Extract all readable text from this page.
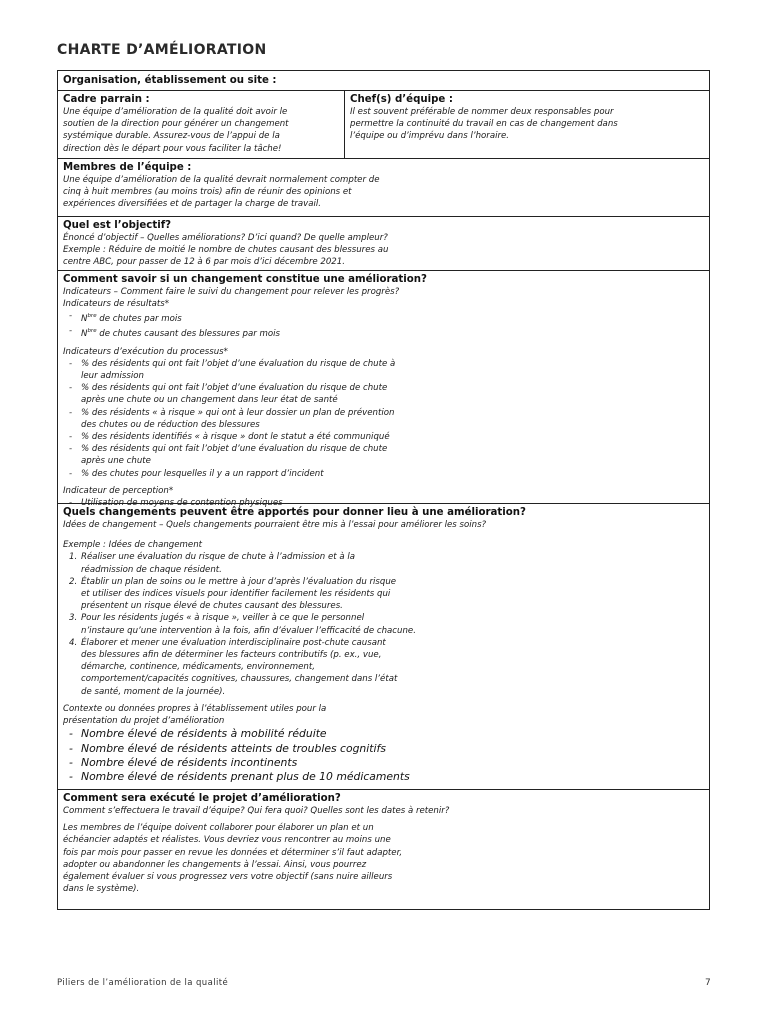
CHARTE D’AMÉLIORATION
Organisation, établissement ou site :
Cadre parrain :
Une équipe d’amélioration de la qualité doit avoir le
soutien de la direction pour générer un changement
systémique durable. Assurez-vous de l’appui de la
direction dès le départ pour vous faciliter la tâche!
Chef(s) d’équipe :
Il est souvent préférable de nommer deux responsables pour
permettre la continuité du travail en cas de changement dans
l’équipe ou d’imprévu dans l’horaire.
Membres de l’équipe :
Une équipe d’amélioration de la qualité devrait normalement compter de
cinq à huit membres (au moins trois) afin de réunir des opinions et
expériences diversifiées et de partager la charge de travail.
Quel est l’objectif?
Énoncé d’objectif – Quelles améliorations? D’ici quand? De quelle ampleur?
Exemple : Réduire de moitié le nombre de chutes causant des blessures au
centre ABC, pour passer de 12 à 6 par mois d’ici décembre 2021.
Comment savoir si un changement constitue une amélioration?
Indicateurs – Comment faire le suivi du changement pour relever les progrès?
Indicateurs de résultats*
- $N^{bre}$ de chutes par mois
- $N^{bre}$ de chutes causant des blessures par mois
Indicateurs d’exécution du processus*
- % des résidents qui ont fait l’objet d’une évaluation du risque de chute à
leur admission
- % des résidents qui ont fait l’objet d’une évaluation du risque de chute
après une chute ou un changement dans leur état de santé
- % des résidents « à risque » qui ont à leur dossier un plan de prévention
des chutes ou de réduction des blessures
- % des résidents identifiés « à risque » dont le statut a été communiqué
- % des résidents qui ont fait l’objet d’une évaluation du risque de chute
après une chute
- % des chutes pour lesquelles il y a un rapport d’incident
Indicateur de perception*
- Utilisation de moyens de contention physiques
Quels changements peuvent être apportés pour donner lieu à une amélioration?
Idées de changement – Quels changements pourraient être mis à l’essai pour améliorer les soins?
Exemple : Idées de changement
1. Réaliser une évaluation du risque de chute à l’admission et à la
réadmission de chaque résident.
2. Établir un plan de soins ou le mettre à jour d’après l’évaluation du risque
et utiliser des indices visuels pour identifier facilement les résidents qui
présentent un risque élevé de chutes causant des blessures.
3. Pour les résidents jugés « à risque », veiller à ce que le personnel
n’instaure qu’une intervention à la fois, afin d’évaluer l’efficacité de chacune.
4. Élaborer et mener une évaluation interdisciplinaire post-chute causant
des blessures afin de déterminer les facteurs contributifs (p. ex., vue,
démarche, continence, médicaments, environnement,
comportement/capacités cognitives, chaussures, changement dans l’état
de santé, moment de la journée).
Contexte ou données propres à l’établissement utiles pour la
présentation du projet d’amélioration
- Nombre élevé de résidents à mobilité réduite
- Nombre élevé de résidents atteints de troubles cognitifs
- Nombre élevé de résidents incontinents
- Nombre élevé de résidents prenant plus de 10 médicaments
Comment sera exécuté le projet d’amélioration?
Comment s’effectuera le travail d’équipe? Qui fera quoi? Quelles sont les dates à retenir?
Les membres de l’équipe doivent collaborer pour élaborer un plan et un
échéancier adaptés et réalistes. Vous devriez vous rencontrer au moins une
fois par mois pour passer en revue les données et déterminer s’il faut adapter,
adopter ou abandonner les changements à l’essai. Ainsi, vous pourrez
également évaluer si vous progressez vers votre objectif (sans nuire ailleurs
dans le système).
Piliers de l’amélioration de la qualité	7
